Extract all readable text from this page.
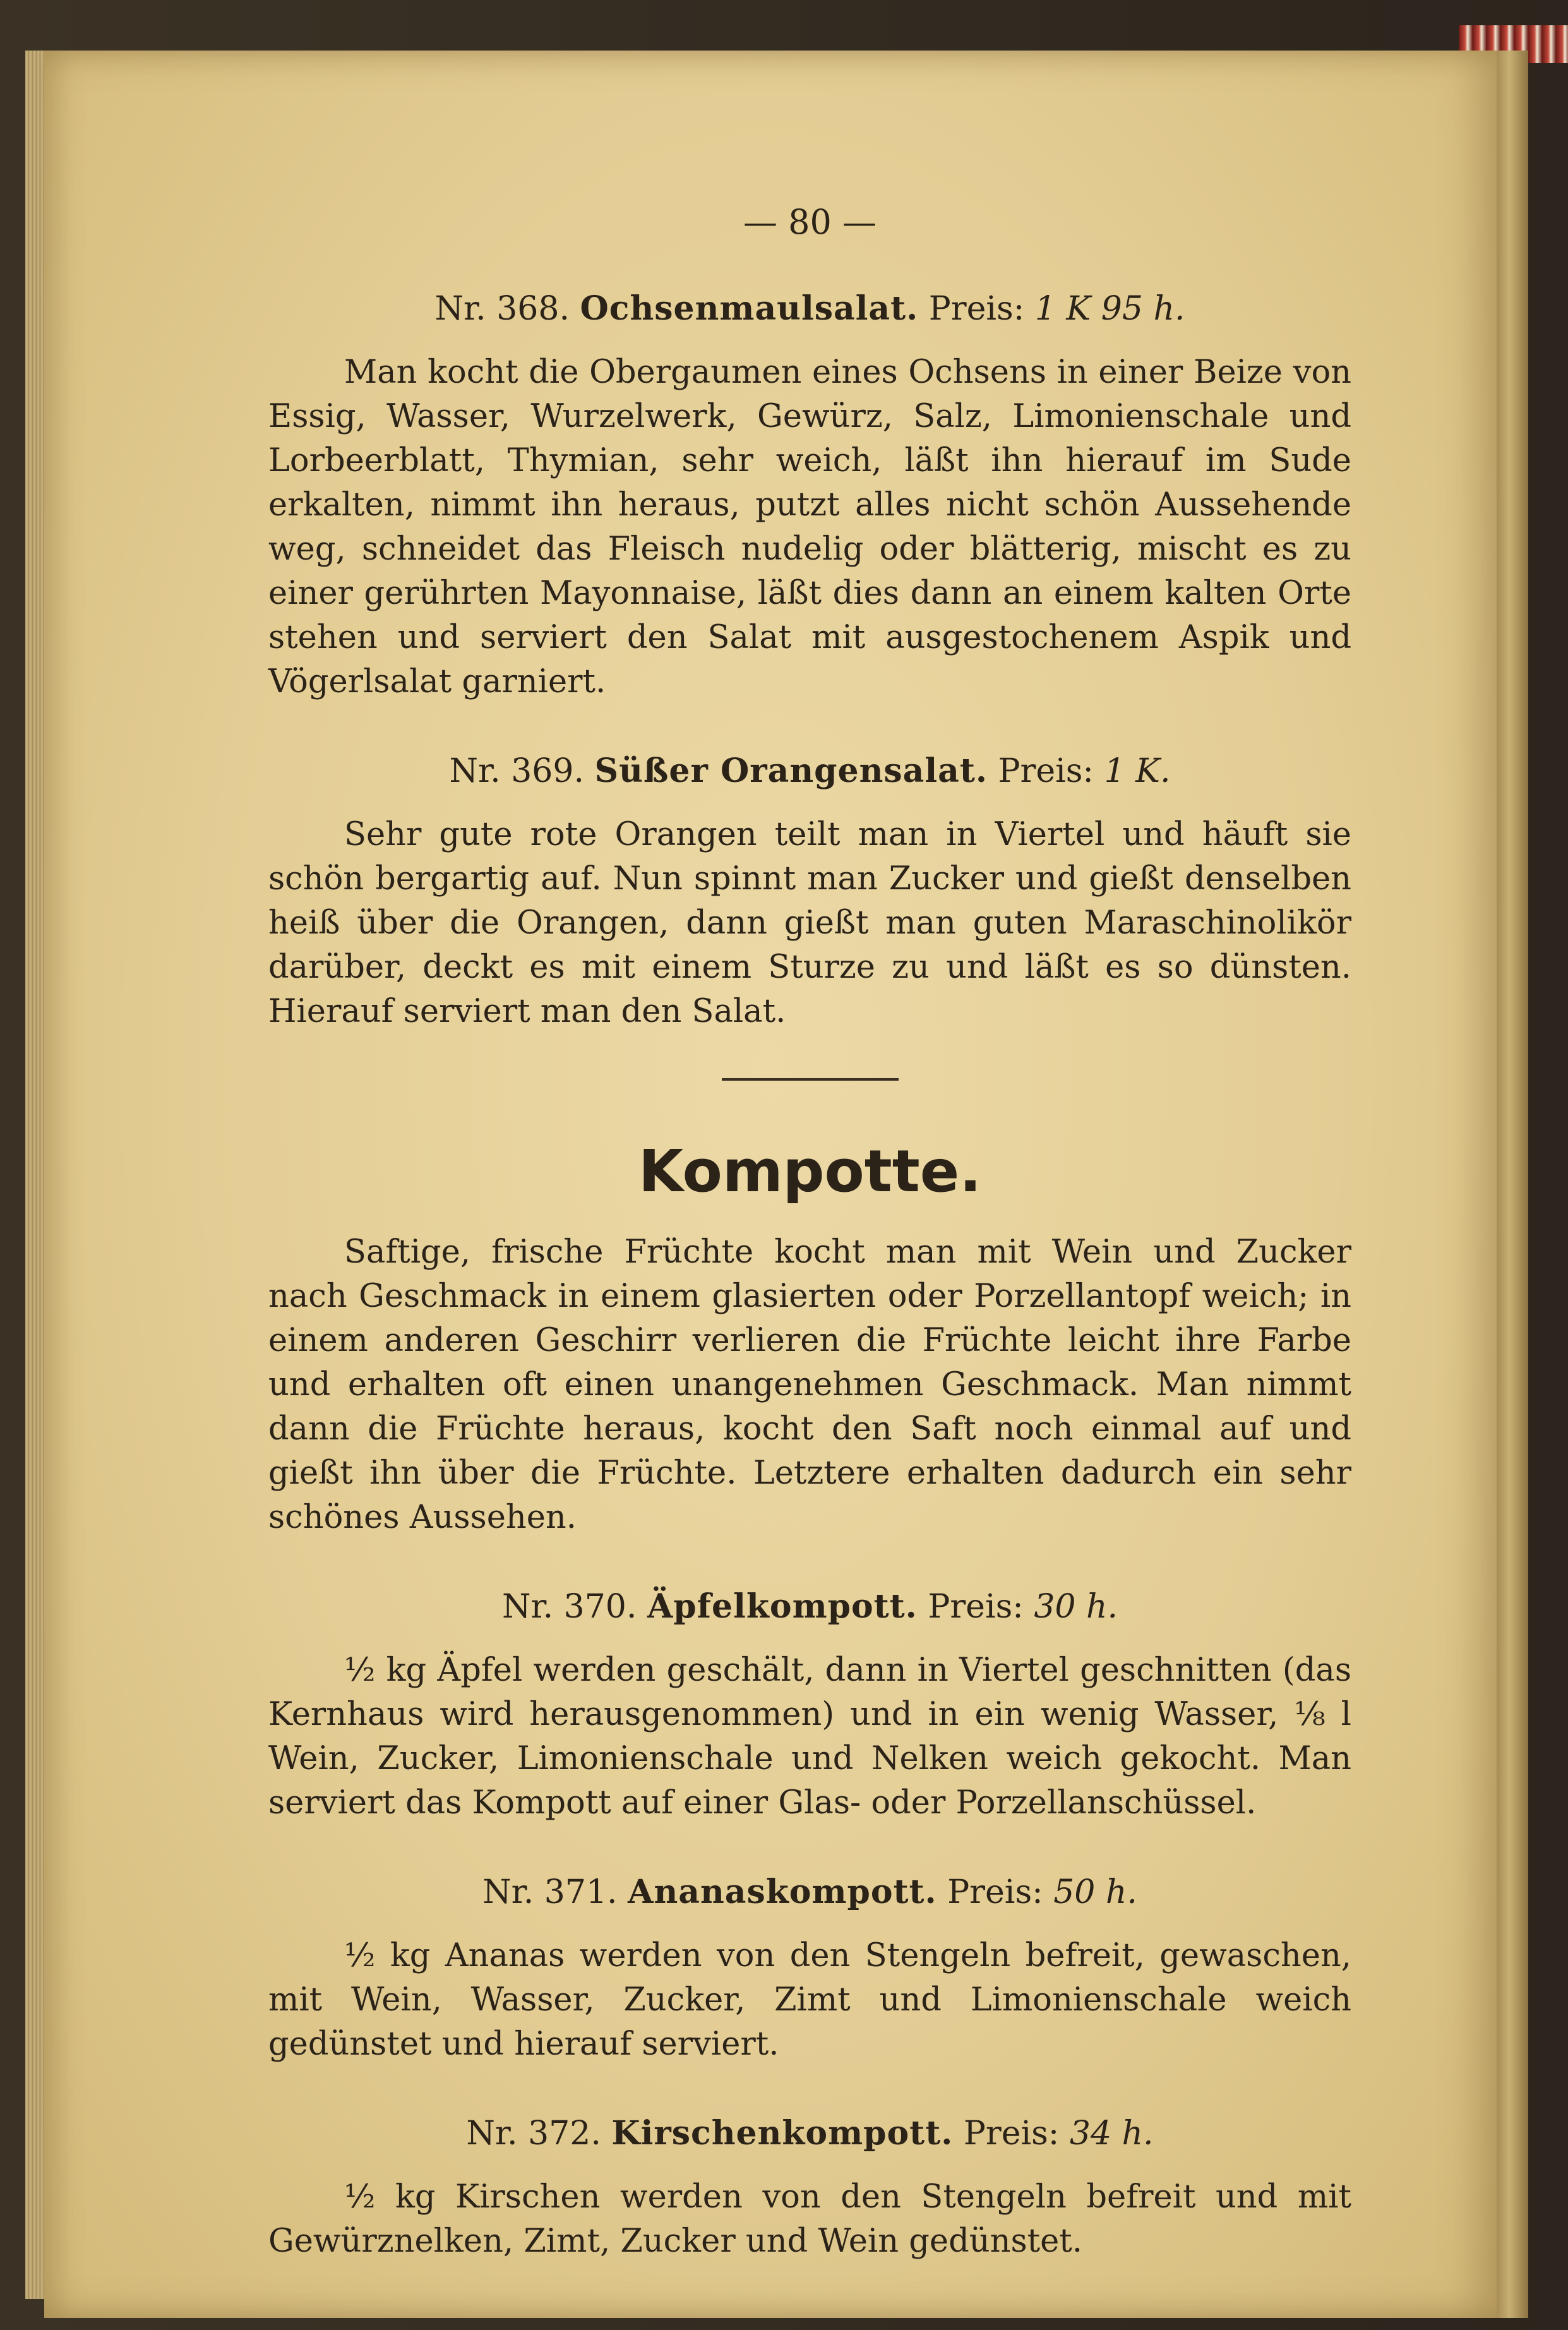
— 80 —
Nr. 368. Ochsenmaulsalat. Preis: 1 K 95 h.

Man kocht die Obergaumen eines Ochsens in einer Beize von Essig, Wasser, Wurzelwerk, Gewürz, Salz, Limonienschale und Lorbeerblatt, Thymian, sehr weich, läßt ihn hierauf im Sude erkalten, nimmt ihn heraus, putzt alles nicht schön Aussehende weg, schneidet das Fleisch nudelig oder blätterig, mischt es zu einer gerührten Mayonnaise, läßt dies dann an einem kalten Orte stehen und serviert den Salat mit ausgestochenem Aspik und Vögerlsalat garniert.

Nr. 369. Süßer Orangensalat. Preis: 1 K.

Sehr gute rote Orangen teilt man in Viertel und häuft sie schön bergartig auf. Nun spinnt man Zucker und gießt denselben heiß über die Orangen, dann gießt man guten Maraschinolikör darüber, deckt es mit einem Sturze zu und läßt es so dünsten. Hierauf serviert man den Salat.

Kompotte.

Saftige, frische Früchte kocht man mit Wein und Zucker nach Geschmack in einem glasierten oder Porzellantopf weich; in einem anderen Geschirr verlieren die Früchte leicht ihre Farbe und erhalten oft einen unangenehmen Geschmack. Man nimmt dann die Früchte heraus, kocht den Saft noch einmal auf und gießt ihn über die Früchte. Letztere erhalten dadurch ein sehr schönes Aussehen.

Nr. 370. Äpfelkompott. Preis: 30 h.

½ kg Äpfel werden geschält, dann in Viertel geschnitten (das Kernhaus wird herausgenommen) und in ein wenig Wasser, ⅛ l Wein, Zucker, Limonienschale und Nelken weich gekocht. Man serviert das Kompott auf einer Glas- oder Porzellanschüssel.

Nr. 371. Ananaskompott. Preis: 50 h.

½ kg Ananas werden von den Stengeln befreit, gewaschen, mit Wein, Wasser, Zucker, Zimt und Limonienschale weich gedünstet und hierauf serviert.

Nr. 372. Kirschenkompott. Preis: 34 h.

½ kg Kirschen werden von den Stengeln befreit und mit Gewürznelken, Zimt, Zucker und Wein gedünstet.
